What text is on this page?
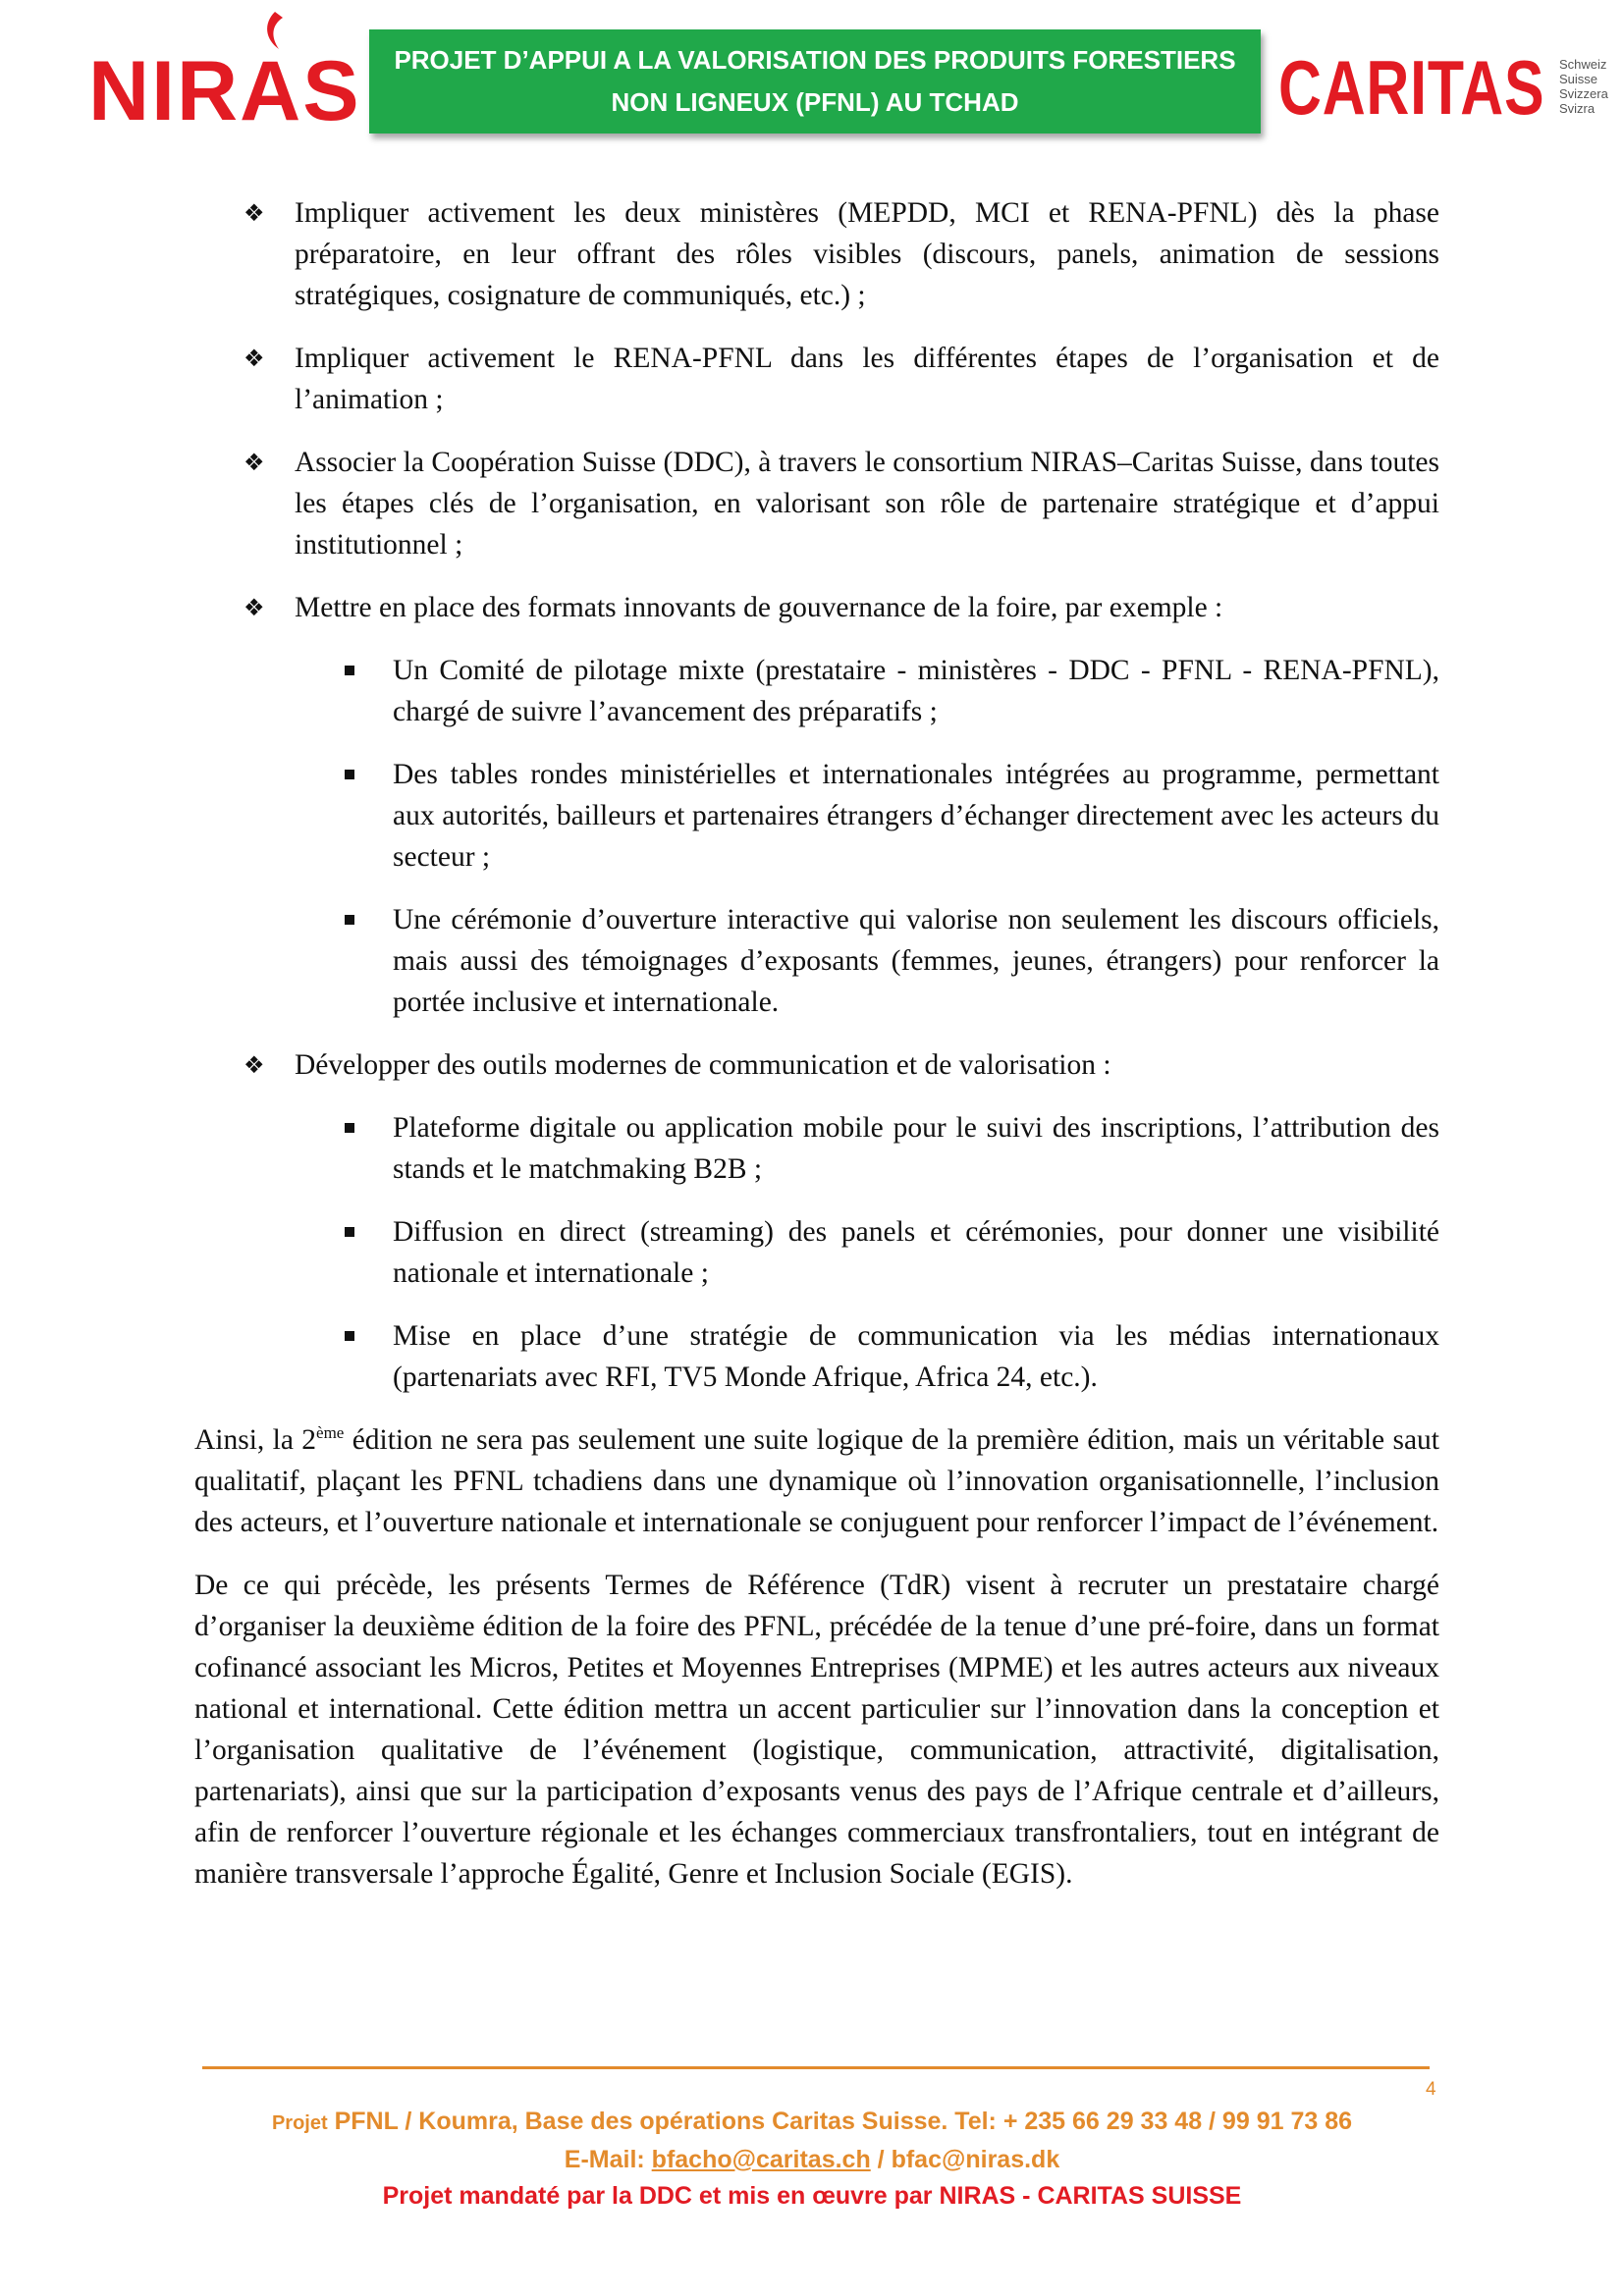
NIRAS PROJET D’APPUI A LA VALORISATION DES PRODUITS FORESTIERS
NON LIGNEUX (PFNL) AU TCHAD	CARITAS Schweiz
Suisse
Svizzera
Svizra
❖ Impliquer activement les deux ministères (MEPDD, MCI et RENA-PFNL) dès la phase préparatoire, en leur offrant des rôles visibles (discours, panels, animation de sessions stratégiques, cosignature de communiqués, etc.) ;
❖ Impliquer activement le RENA-PFNL dans les différentes étapes de l’organisation et de l’animation ;
❖ Associer la Coopération Suisse (DDC), à travers le consortium NIRAS–Caritas Suisse, dans toutes les étapes clés de l’organisation, en valorisant son rôle de partenaire stratégique et d’appui institutionnel ;
❖ Mettre en place des formats innovants de gouvernance de la foire, par exemple :
Un Comité de pilotage mixte (prestataire - ministères - DDC - PFNL - RENA-PFNL), chargé de suivre l’avancement des préparatifs ;
Des tables rondes ministérielles et internationales intégrées au programme, permettant aux autorités, bailleurs et partenaires étrangers d’échanger directement avec les acteurs du secteur ;
Une cérémonie d’ouverture interactive qui valorise non seulement les discours officiels, mais aussi des témoignages d’exposants (femmes, jeunes, étrangers) pour renforcer la portée inclusive et internationale.
❖ Développer des outils modernes de communication et de valorisation :
Plateforme digitale ou application mobile pour le suivi des inscriptions, l’attribution des stands et le matchmaking B2B ;
Diffusion en direct (streaming) des panels et cérémonies, pour donner une visibilité nationale et internationale ;
Mise en place d’une stratégie de communication via les médias internationaux (partenariats avec RFI, TV5 Monde Afrique, Africa 24, etc.).

Ainsi, la 2ème édition ne sera pas seulement une suite logique de la première édition, mais un véritable saut qualitatif, plaçant les PFNL tchadiens dans une dynamique où l’innovation organisationnelle, l’inclusion des acteurs, et l’ouverture nationale et internationale se conjuguent pour renforcer l’impact de l’événement.

De ce qui précède, les présents Termes de Référence (TdR) visent à recruter un prestataire chargé d’organiser la deuxième édition de la foire des PFNL, précédée de la tenue d’une pré-foire, dans un format cofinancé associant les Micros, Petites et Moyennes Entreprises (MPME) et les autres acteurs aux niveaux national et international. Cette édition mettra un accent particulier sur l’innovation dans la conception et l’organisation qualitative de l’événement (logistique, communication, attractivité, digitalisation, partenariats), ainsi que sur la participation d’exposants venus des pays de l’Afrique centrale et d’ailleurs, afin de renforcer l’ouverture régionale et les échanges commerciaux transfrontaliers, tout en intégrant de manière transversale l’approche Égalité, Genre et Inclusion Sociale (EGIS).

4
Projet PFNL / Koumra, Base des opérations Caritas Suisse. Tel: + 235 66 29 33 48 / 99 91 73 86
E-Mail: bfacho@caritas.ch / bfac@niras.dk
Projet mandaté par la DDC et mis en œuvre par NIRAS - CARITAS SUISSE
